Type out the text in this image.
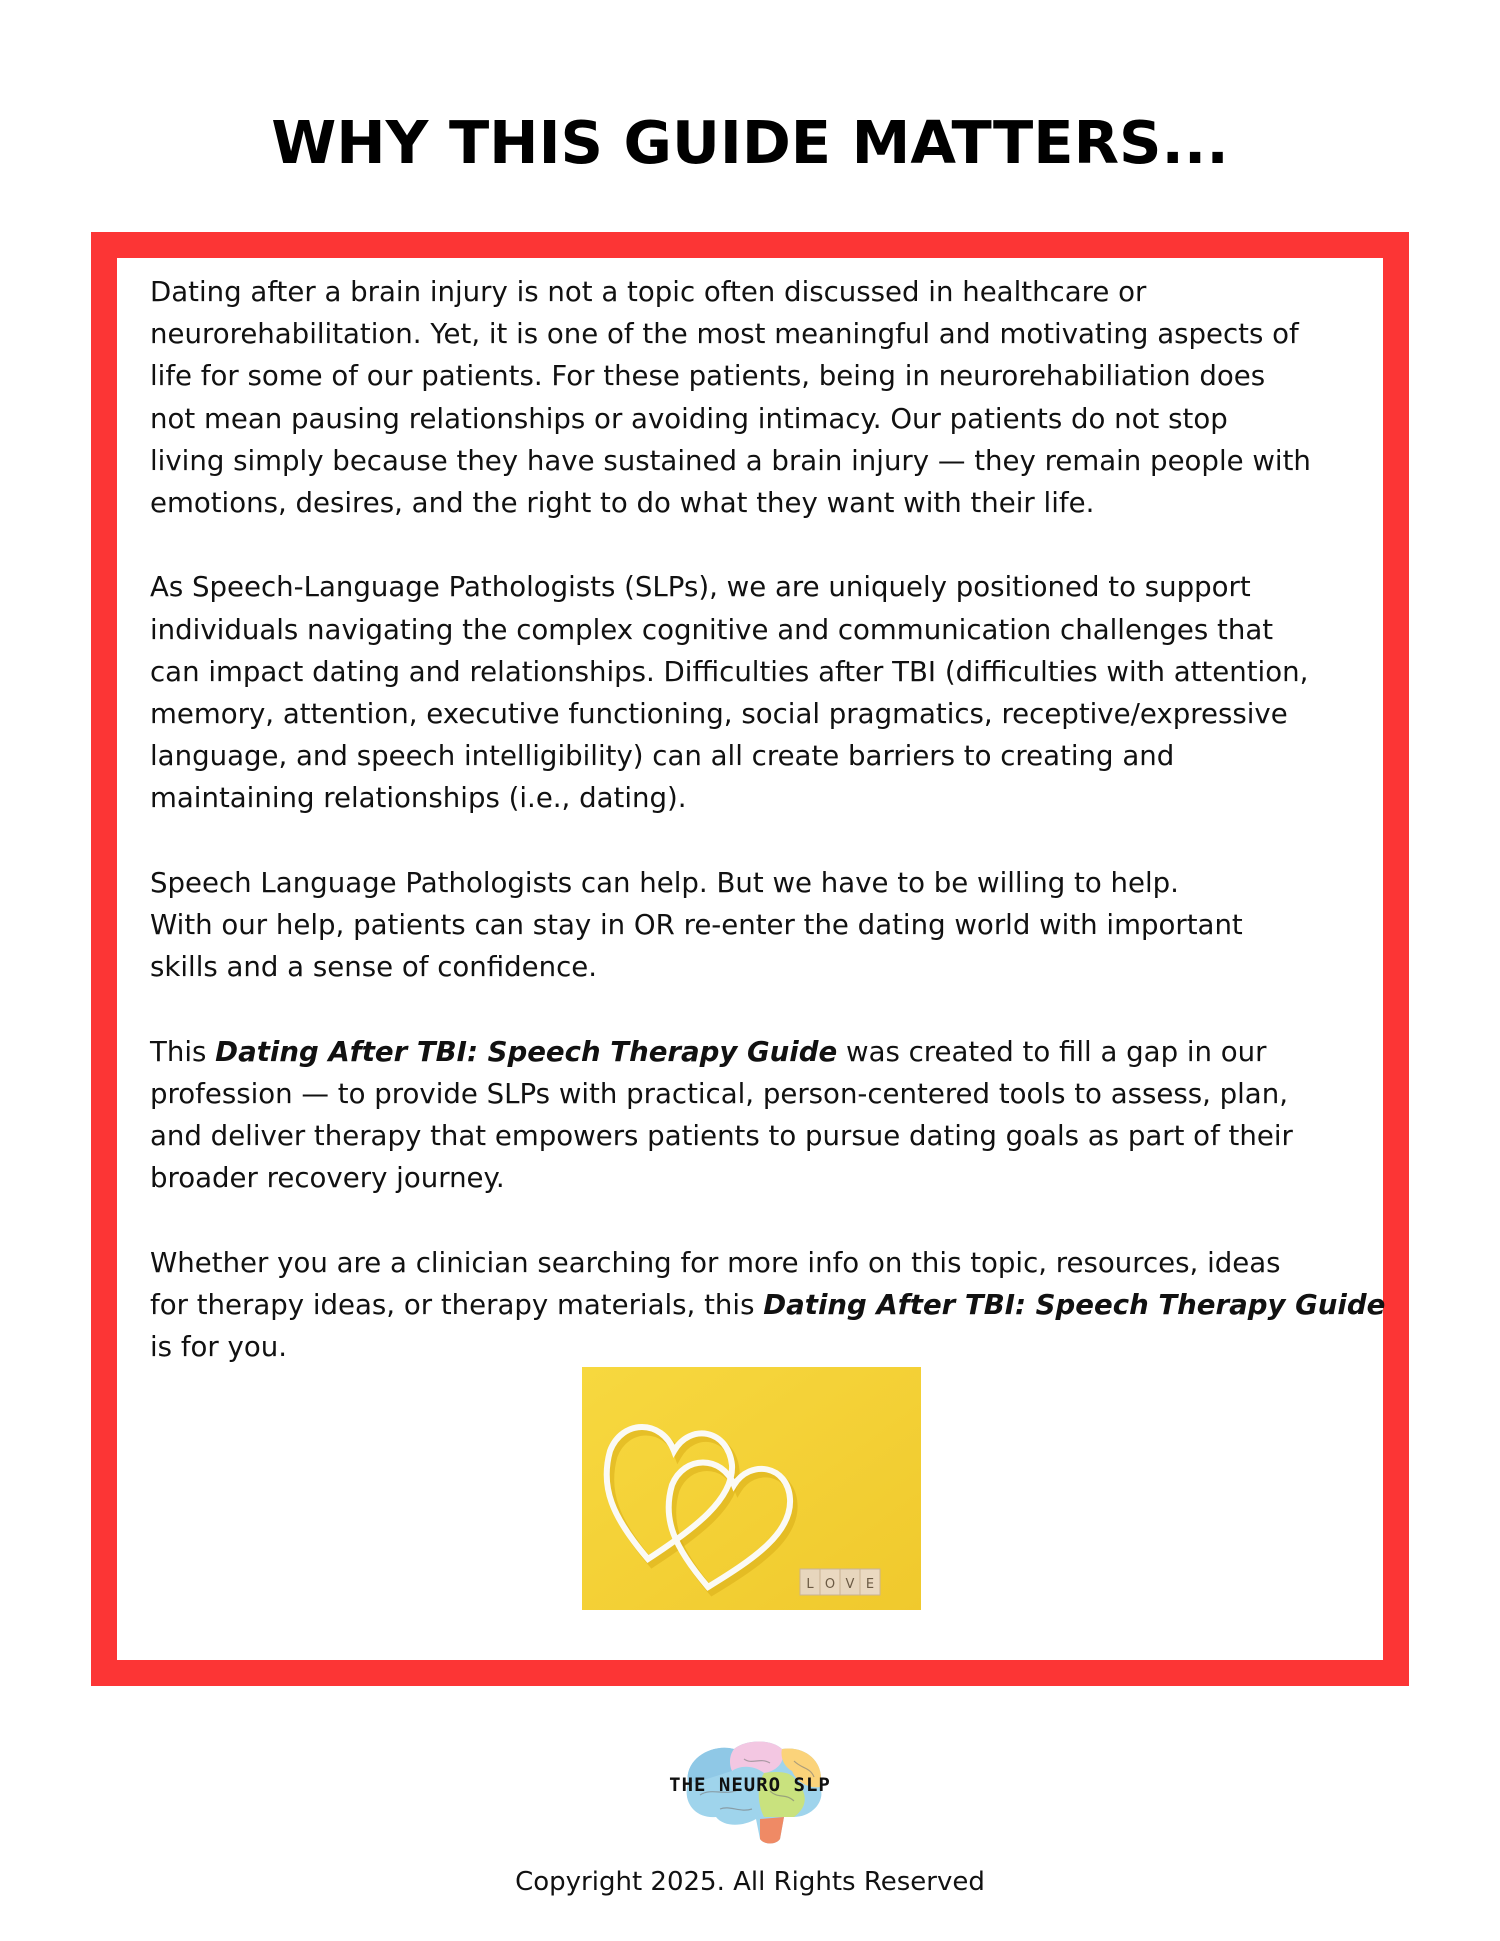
WHY THIS GUIDE MATTERS...

Dating after a brain injury is not a topic often discussed in healthcare or
neurorehabilitation. Yet, it is one of the most meaningful and motivating aspects of
life for some of our patients. For these patients, being in neurorehabiliation does
not mean pausing relationships or avoiding intimacy. Our patients do not stop
living simply because they have sustained a brain injury — they remain people with
emotions, desires, and the right to do what they want with their life.

As Speech-Language Pathologists (SLPs), we are uniquely positioned to support
individuals navigating the complex cognitive and communication challenges that
can impact dating and relationships. Difficulties after TBI (difficulties with attention,
memory, attention, executive functioning, social pragmatics, receptive/expressive
language, and speech intelligibility) can all create barriers to creating and
maintaining relationships (i.e., dating).

Speech Language Pathologists can help. But we have to be willing to help.
With our help, patients can stay in OR re-enter the dating world with important
skills and a sense of confidence.

This Dating After TBI: Speech Therapy Guide was created to fill a gap in our
profession — to provide SLPs with practical, person-centered tools to assess, plan,
and deliver therapy that empowers patients to pursue dating goals as part of their
broader recovery journey.

Whether you are a clinician searching for more info on this topic, resources, ideas
for therapy ideas, or therapy materials, this Dating After TBI: Speech Therapy Guide
is for you.

L O V E
THE NEURO SLP
Copyright 2025. All Rights Reserved
